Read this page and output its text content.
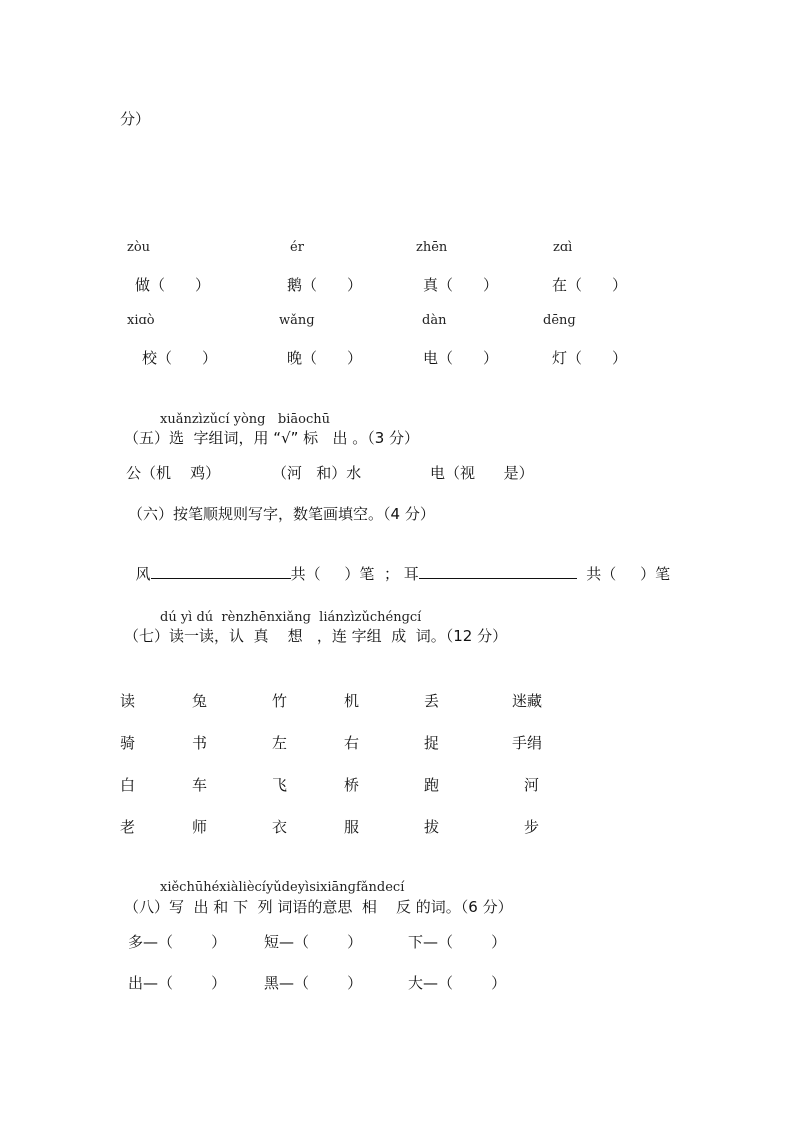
分）
zòu	ér	zhēn	zɑì
做（　　）	鹅（　　）	真（　　）	在（　　）
xiɑò	wǎnɡ	dàn	dēnɡ
校（　　）	晚（　　）	电（　　）	灯（　　）
xuǎnzìzǔcí yòng   biāochū
（五）选  字组词，用 “√” 标   出 。（3 分）
公（机    鸡）	（河   和）水	电（视      是）
（六）按笔顺规则写字，数笔画填空。（4 分）

风	共（     ）笔  ； 耳	共（     ）笔

dú yì dú  rènzhēnxiǎnɡ  liánzìzǔchénɡcí
（七）读一读，认  真    想   ，连 字组  成  词。（12 分）
读	兔	竹	机	丢	迷藏
骑	书	左	右	捉	手绢
白	车	飞	桥	跑	河
老	师	衣	服	拔	步
xiěchūhéxiàliècíyǔdeyìsixiānɡfǎndecí
（八）写  出 和 下  列 词语的意思  相    反 的词。（6 分）
多—（        ）	短—（        ）	下—（        ）
出—（        ）	黑—（        ）	大—（        ）
